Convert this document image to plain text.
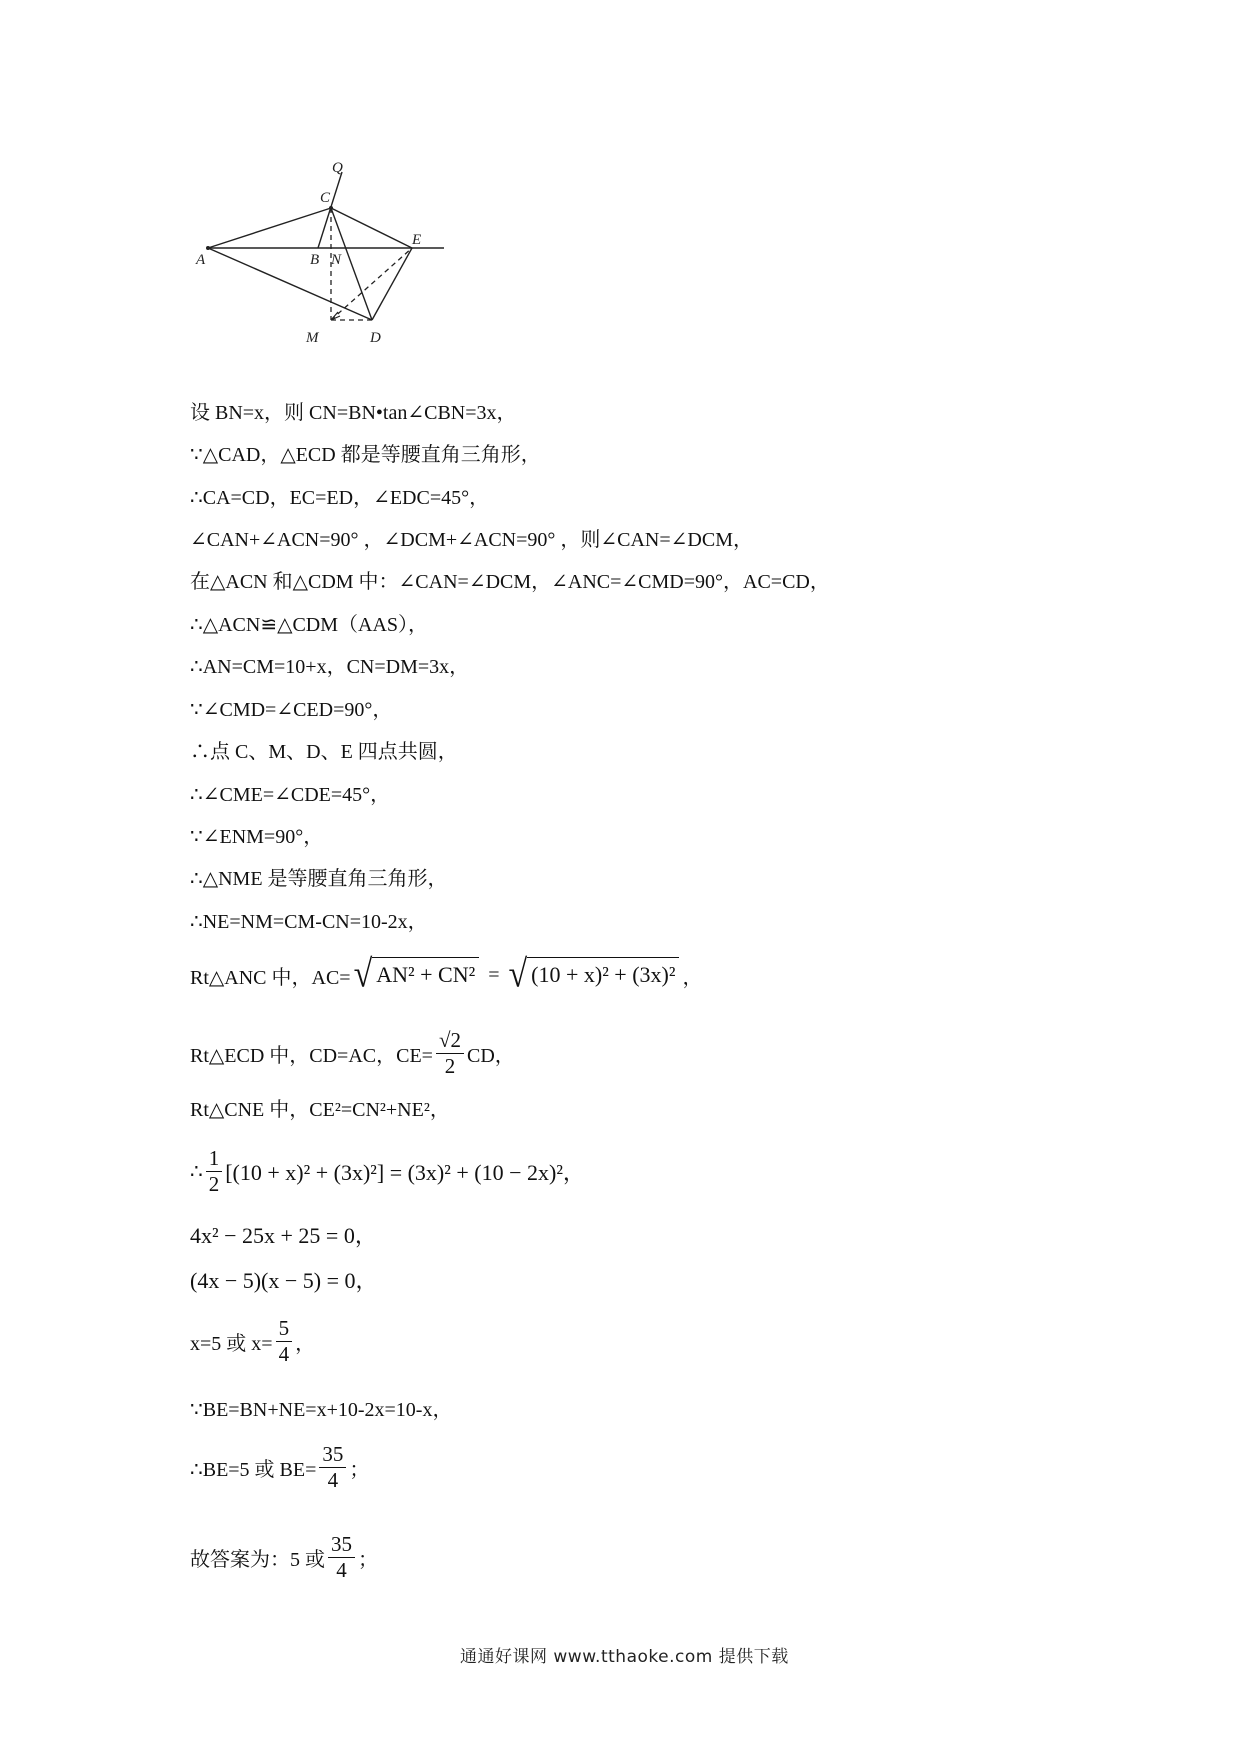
Q
C
A	B N
E
M	D
设 BN=x，则 CN=BN•tan∠CBN=3x，
∵△CAD，△ECD 都是等腰直角三角形，
∴CA=CD，EC=ED，∠EDC=45°，
∠CAN+∠ACN=90° ，∠DCM+∠ACN=90° ，则∠CAN=∠DCM，
在△ACN 和△CDM 中：∠CAN=∠DCM，∠ANC=∠CMD=90°，AC=CD，
∴△ACN≌△CDM（AAS），
∴AN=CM=10+x，CN=DM=3x，
∵∠CMD=∠CED=90°，
∴点 C、M、D、E 四点共圆，
∴∠CME=∠CDE=45°，
∵∠ENM=90°，
∴△NME 是等腰直角三角形，
∴NE=NM=CM-CN=10-2x，
Rt△ANC 中，AC= √ AN² + CN² = √ (10 + x)² + (3x)² ，
Rt△ECD 中，CD=AC，$CE= \frac{√2}{2}$ CD，
Rt△CNE 中，CE²=CN²+NE²，
∴ $\frac{1}{2} [(10 + x)^2 + (3x)^2] = (3x)^2 + (10 - 2x)^2$，
4x² − 25x + 25 = 0，
(4x − 5)(x − 5) = 0，
x=5 或 $x= \frac{5}{4}$ ，
∵BE=BN+NE=x+10-2x=10-x，
∴BE=5 或 $BE= \frac{35}{4}$ ；
故答案为：5 或 $\frac{35}{4}$ ；
通通好课网 www.tthaoke.com 提供下载
